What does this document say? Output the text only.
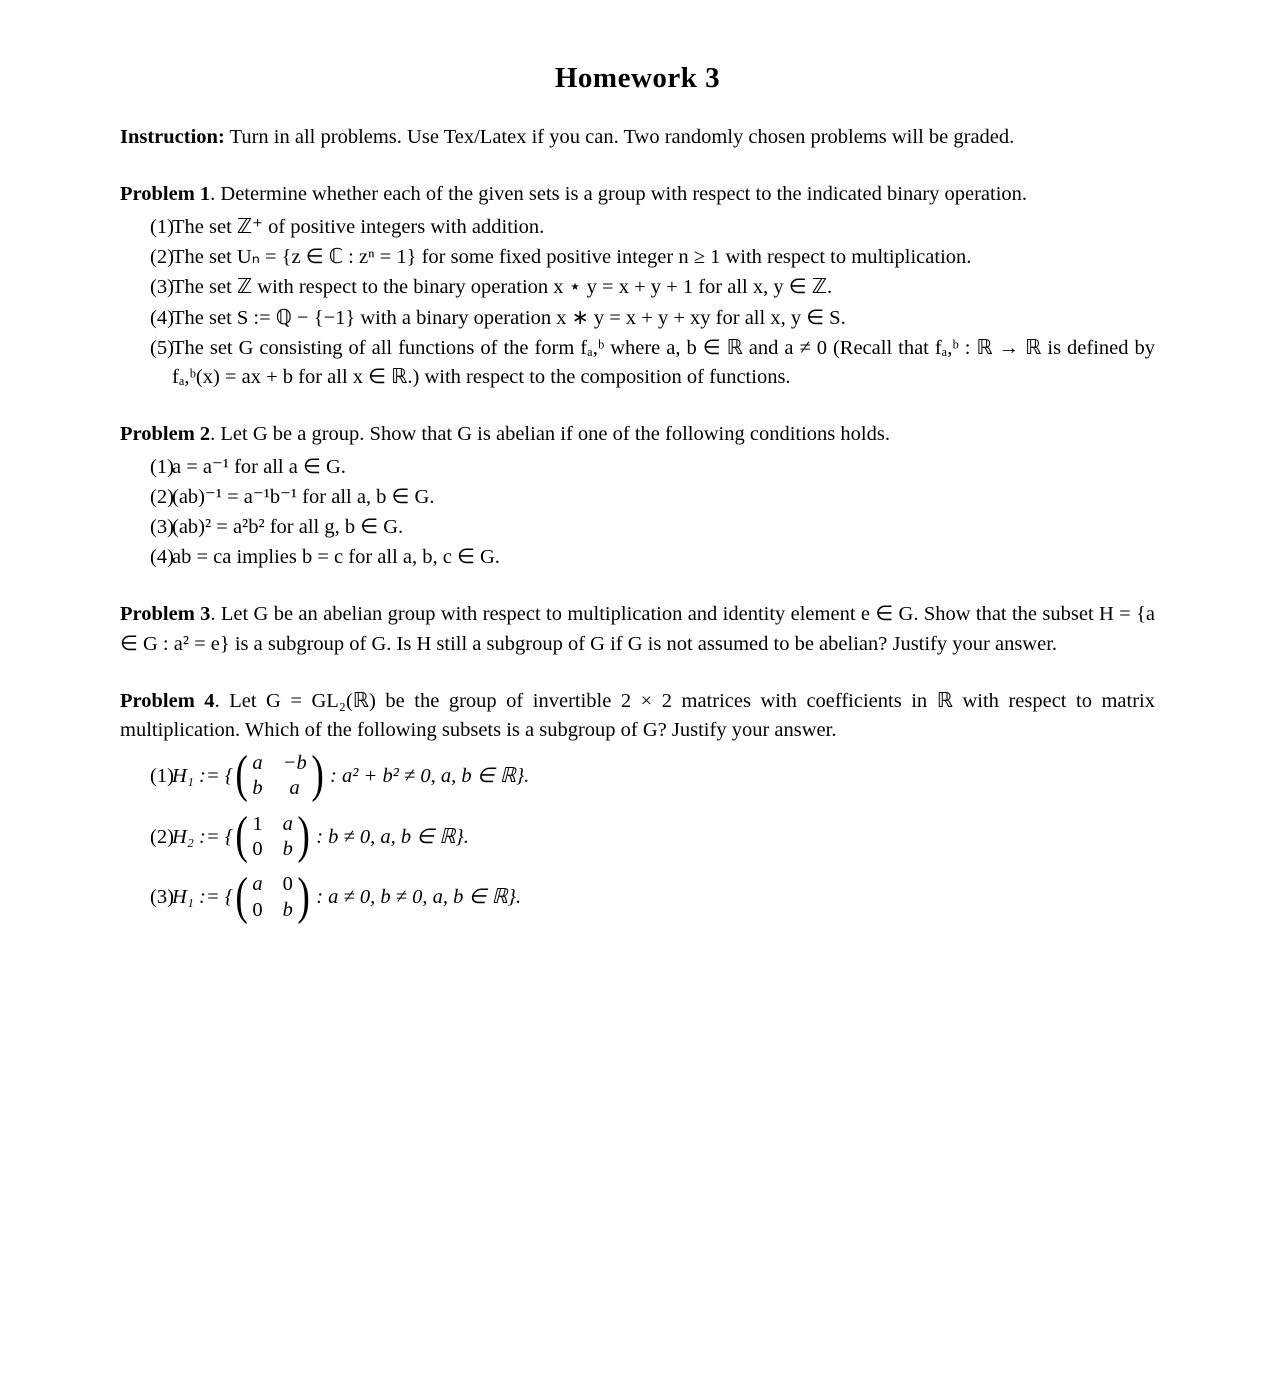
Homework 3

Instruction: Turn in all problems. Use Tex/Latex if you can. Two randomly chosen problems will be graded.

Problem 1. Determine whether each of the given sets is a group with respect to the indicated binary operation.

(1)
The set ℤ⁺ of positive integers with addition.
(2)
The set Uₙ = {z ∈ ℂ : zⁿ = 1} for some fixed positive integer n ≥ 1 with respect to multiplication.
(3)
The set ℤ with respect to the binary operation x ⋆ y = x + y + 1 for all x, y ∈ ℤ.
(4)
The set S := ℚ − {−1} with a binary operation x ∗ y = x + y + xy for all x, y ∈ S.
(5)
The set G consisting of all functions of the form fₐ,ᵇ where a, b ∈ ℝ and a ≠ 0 (Recall that fₐ,ᵇ : ℝ → ℝ is defined by fₐ,ᵇ(x) = ax + b for all x ∈ ℝ.) with respect to the composition of functions.

Problem 2. Let G be a group. Show that G is abelian if one of the following conditions holds.

(1)
a = a⁻¹ for all a ∈ G.
(2)
(ab)⁻¹ = a⁻¹b⁻¹ for all a, b ∈ G.
(3)
(ab)² = a²b² for all g, b ∈ G.
(4)
ab = ca implies b = c for all a, b, c ∈ G.

Problem 3. Let G be an abelian group with respect to multiplication and identity element e ∈ G. Show that the subset H = {a ∈ G : a² = e} is a subgroup of G. Is H still a subgroup of G if G is not assumed to be abelian? Justify your answer.

Problem 4. Let G = GL₂(ℝ) be the group of invertible 2 × 2 matrices with coefficients in ℝ with respect to matrix multiplication. Which of the following subsets is a subgroup of G? Justify your answer.

(1)
H₁ := { ( a −b
b	a ) : a² + b² ≠ 0, a, b ∈ ℝ}.
(2)
H₂ := { ( 1 a
0 b ) : b ≠ 0, a, b ∈ ℝ}.
(3)
H₁ := { ( a 0
0 b ) : a ≠ 0, b ≠ 0, a, b ∈ ℝ}.
